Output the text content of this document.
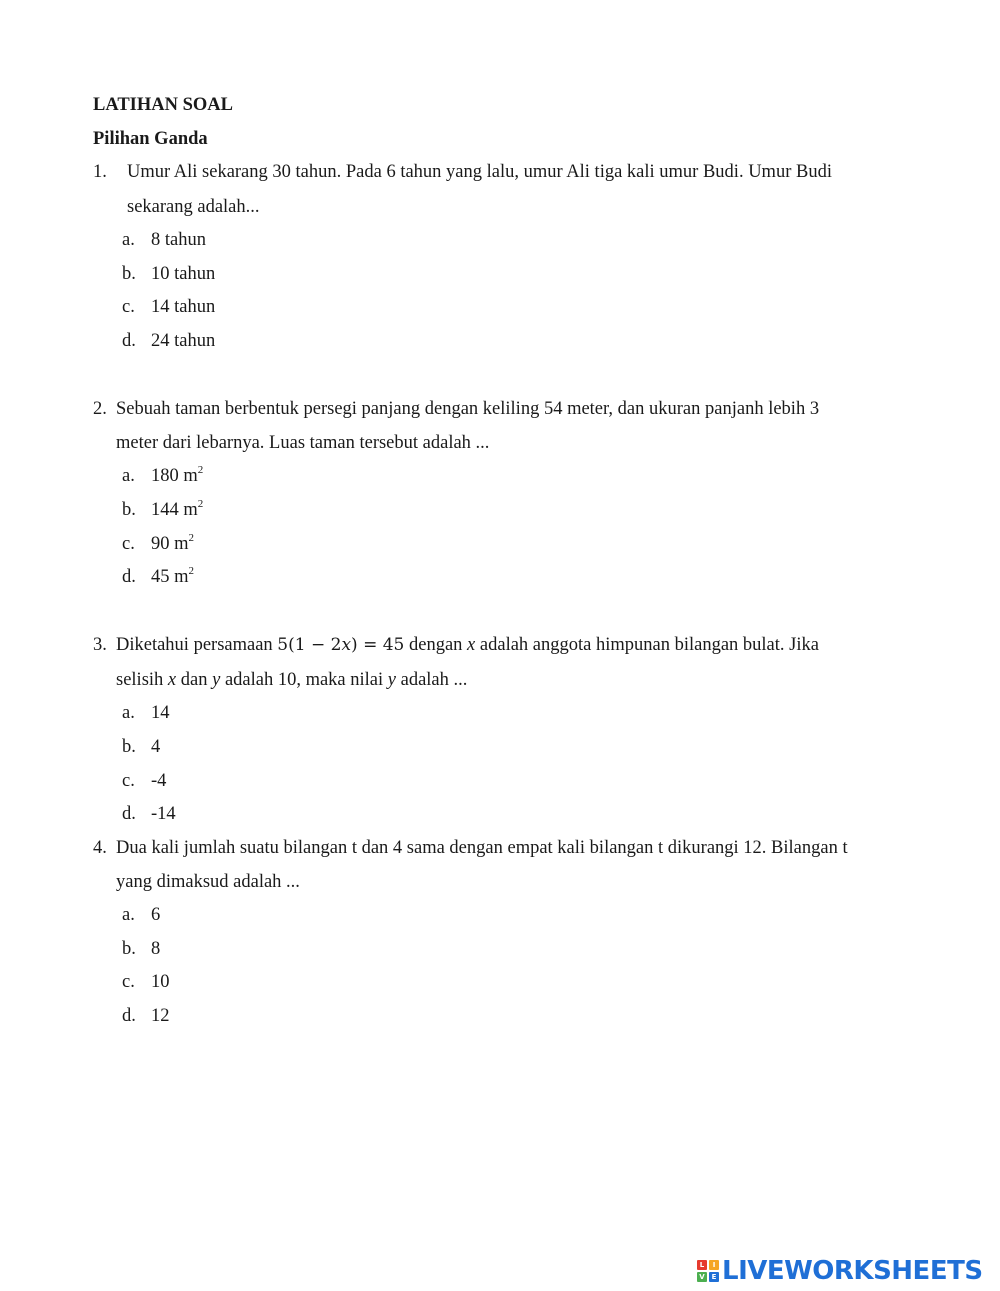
LATIHAN SOAL
Pilihan Ganda
1. Umur Ali sekarang 30 tahun. Pada 6 tahun yang lalu, umur Ali tiga kali umur Budi. Umur Budi
sekarang adalah...
a. 8 tahun
b. 10 tahun
c. 14 tahun
d. 24 tahun
2. Sebuah taman berbentuk persegi panjang dengan keliling 54 meter, dan ukuran panjanh lebih 3
meter dari lebarnya. Luas taman tersebut adalah ...
a. 180 $m^2$
b. 144 $m^2$
c. 90 $m^2$
d. 45 $m^2$
3. Diketahui persamaan 5(1 − 2x) = 45 dengan x adalah anggota himpunan bilangan bulat. Jika
selisih x dan y adalah 10, maka nilai y adalah ...
a. 14
b. 4
c. -4
d. -14
4. Dua kali jumlah suatu bilangan t dan 4 sama dengan empat kali bilangan t dikurangi 12. Bilangan t
yang dimaksud adalah ...
a. 6
b. 8
c. 10
d. 12
L	I
V E LIVEWORKSHEETS
